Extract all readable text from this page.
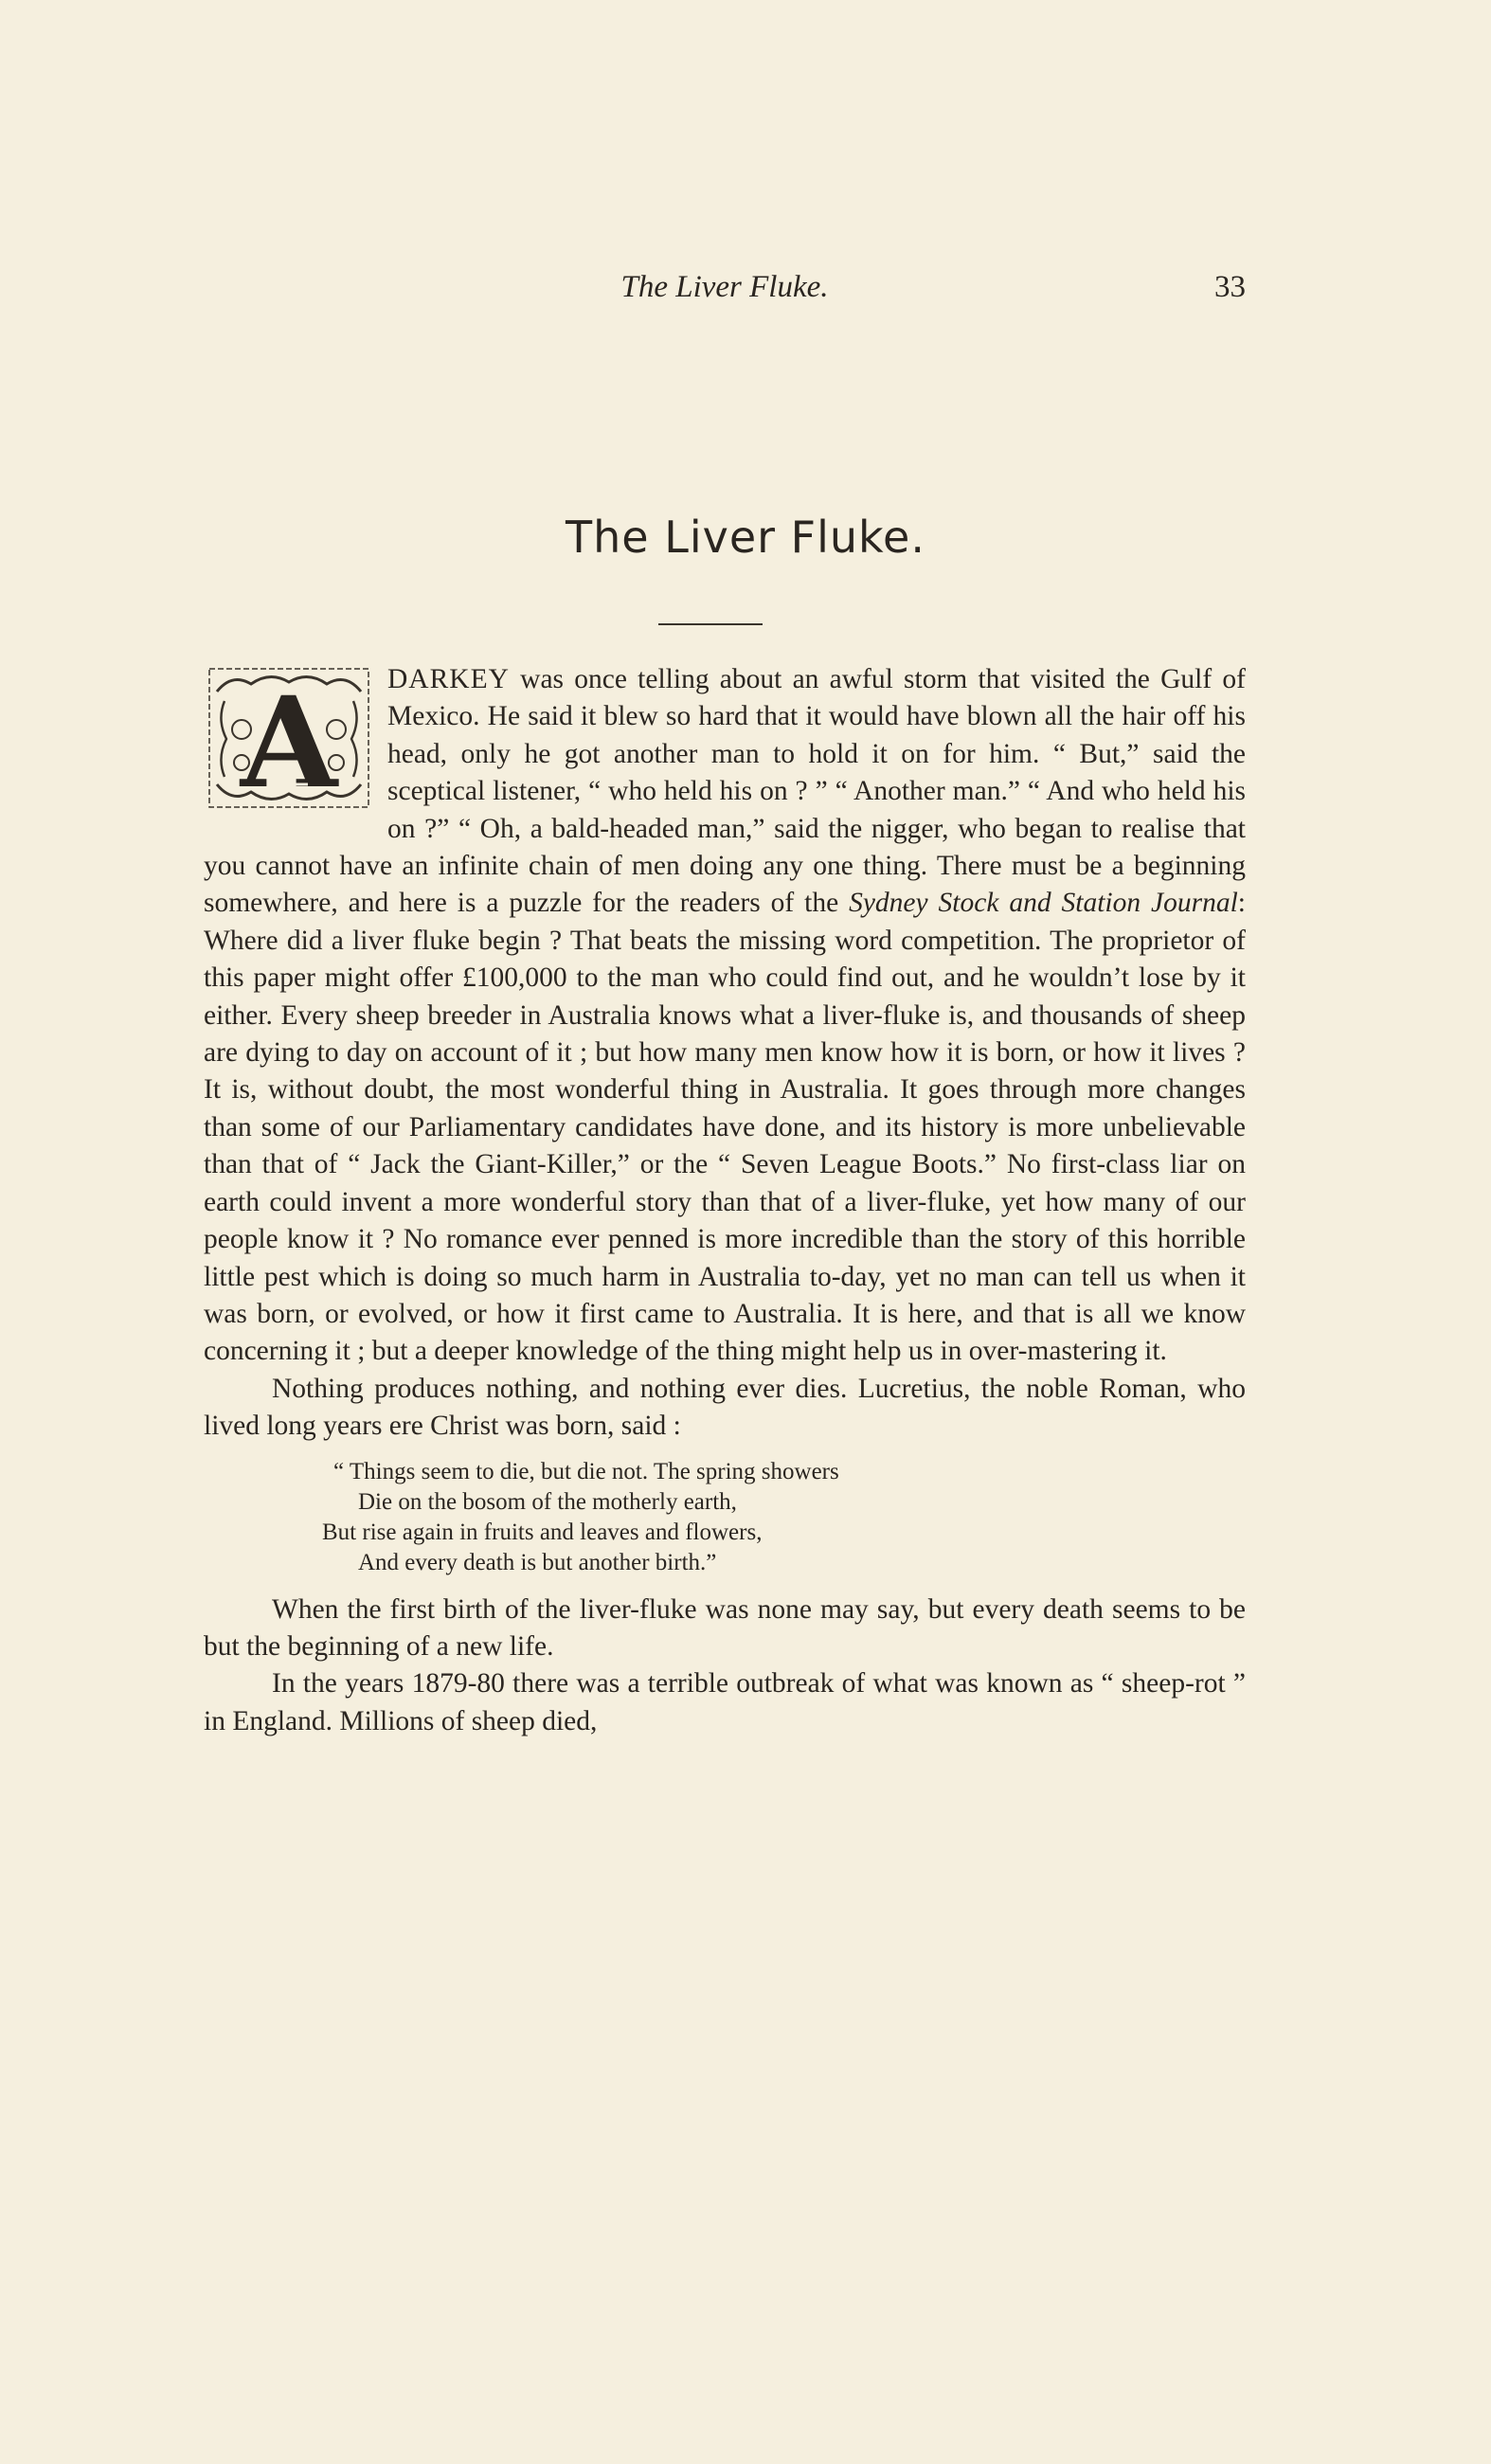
The Liver Fluke.	33
The Liver Fluke.

A DARKEY was once telling about an awful storm that visited the Gulf of Mexico. He said it blew so hard that it would have blown all the hair off his head, only he got another man to hold it on for him. “ But,” said the sceptical listener, “ who held his on ? ” “ Another man.” “ And who held his on ?” “ Oh, a bald-headed man,” said the nigger, who began to realise that you cannot have an infinite chain of men doing any one thing. There must be a beginning somewhere, and here is a puzzle for the readers of the Sydney Stock and Station Journal: Where did a liver fluke begin ? That beats the missing word competition. The proprietor of this paper might offer £100,000 to the man who could find out, and he wouldn’t lose by it either. Every sheep breeder in Australia knows what a liver-fluke is, and thousands of sheep are dying to day on account of it ; but how many men know how it is born, or how it lives ? It is, without doubt, the most wonderful thing in Australia. It goes through more changes than some of our Parliamentary candidates have done, and its history is more unbelievable than that of “ Jack the Giant-Killer,” or the “ Seven League Boots.” No first-class liar on earth could invent a more wonderful story than that of a liver-fluke, yet how many of our people know it ? No romance ever penned is more incredible than the story of this horrible little pest which is doing so much harm in Australia to-day, yet no man can tell us when it was born, or evolved, or how it first came to Australia. It is here, and that is all we know concerning it ; but a deeper knowledge of the thing might help us in over-mastering it.

Nothing produces nothing, and nothing ever dies. Lucretius, the noble Roman, who lived long years ere Christ was born, said :

“ Things seem to die, but die not. The spring showers
Die on the bosom of the motherly earth,
But rise again in fruits and leaves and flowers,
And every death is but another birth.”

When the first birth of the liver-fluke was none may say, but every death seems to be but the beginning of a new life.

In the years 1879-80 there was a terrible outbreak of what was known as “ sheep-rot ” in England. Millions of sheep died,
